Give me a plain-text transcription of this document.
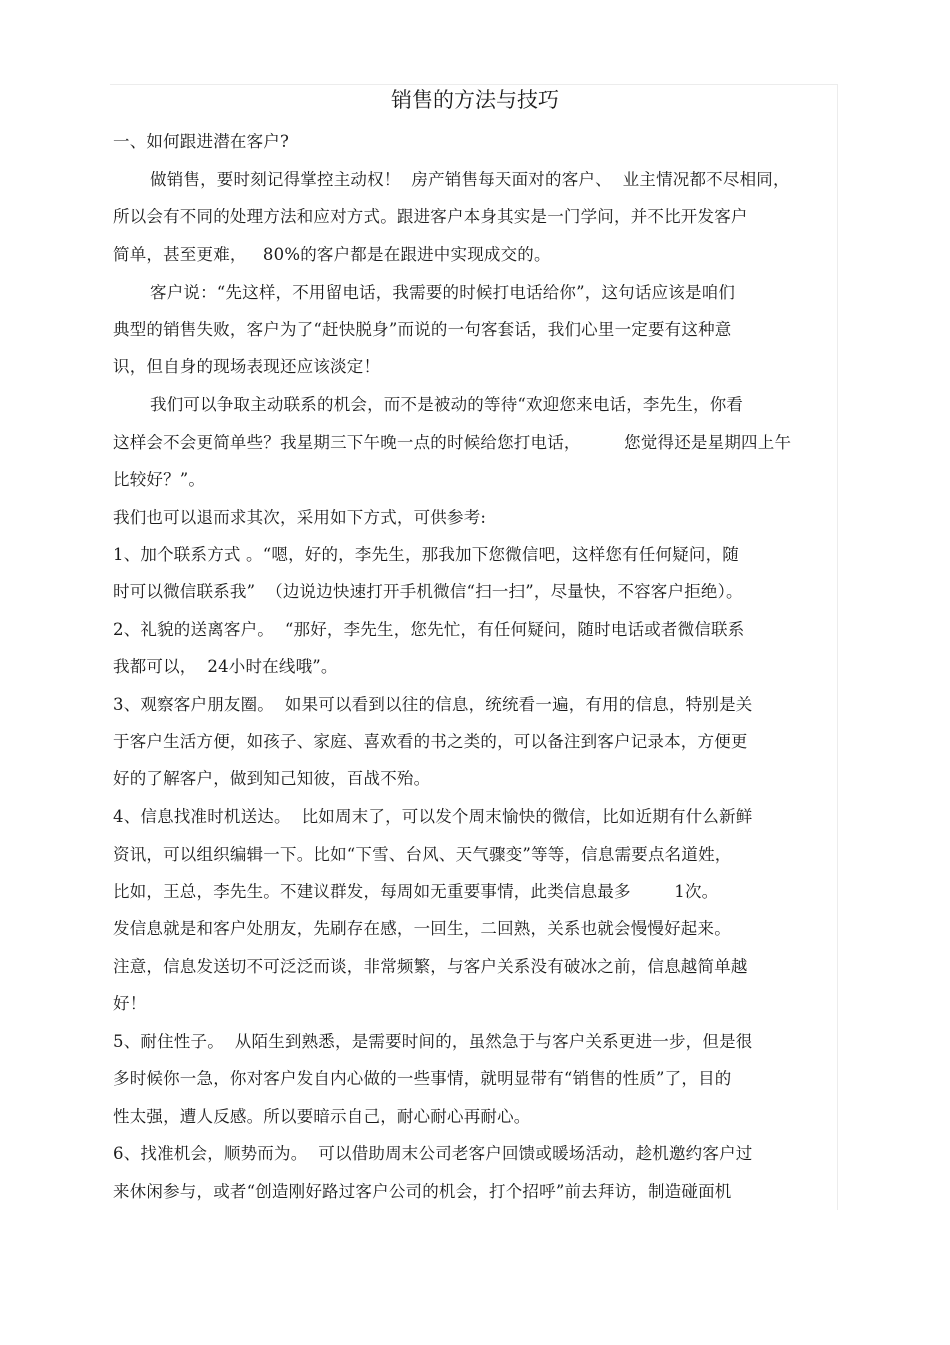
销售的方法与技巧
一、如何跟进潜在客户?
做销售，要时刻记得掌控主动权！  房产销售每天面对的客户、  业主情况都不尽相同，
所以会有不同的处理方法和应对方式。跟进客户本身其实是一门学问，并不比开发客户
简单，甚至更难，   80%的客户都是在跟进中实现成交的。
客户说：“先这样，不用留电话，我需要的时候打电话给你”，这句话应该是咱们
典型的销售失败，客户为了“赶快脱身”而说的一句客套话，我们心里一定要有这种意
识，但自身的现场表现还应该淡定！
我们可以争取主动联系的机会，而不是被动的等待“欢迎您来电话，李先生，你看
这样会不会更简单些？我星期三下午晚一点的时候给您打电话，        您觉得还是星期四上午
比较好？”。
我们也可以退而求其次，采用如下方式，可供参考:
1、加个联系方式 。“嗯，好的，李先生，那我加下您微信吧，这样您有任何疑问，随
时可以微信联系我”  （边说边快速打开手机微信“扫一扫”，尽量快，不容客户拒绝）。
2、礼貌的送离客户。  “那好，李先生，您先忙，有任何疑问，随时电话或者微信联系
我都可以，  24小时在线哦”。
3、观察客户朋友圈。  如果可以看到以往的信息，统统看一遍，有用的信息，特别是关
于客户生活方便，如孩子、家庭、喜欢看的书之类的，可以备注到客户记录本，方便更
好的了解客户，做到知己知彼，百战不殆。
4、信息找准时机送达。  比如周末了，可以发个周末愉快的微信，比如近期有什么新鲜
资讯，可以组织编辑一下。比如“下雪、台风、天气骤变”等等，信息需要点名道姓，
比如，王总，李先生。不建议群发，每周如无重要事情，此类信息最多        1次。
发信息就是和客户处朋友，先刷存在感，一回生，二回熟，关系也就会慢慢好起来。
注意，信息发送切不可泛泛而谈，非常频繁，与客户关系没有破冰之前，信息越简单越
好！
5、耐住性子。  从陌生到熟悉，是需要时间的，虽然急于与客户关系更进一步，但是很
多时候你一急，你对客户发自内心做的一些事情，就明显带有“销售的性质”了，目的
性太强，遭人反感。所以要暗示自己，耐心耐心再耐心。
6、找准机会，顺势而为。  可以借助周末公司老客户回馈或暖场活动，趁机邀约客户过
来休闲参与，或者“创造刚好路过客户公司的机会，打个招呼”前去拜访，制造碰面机
